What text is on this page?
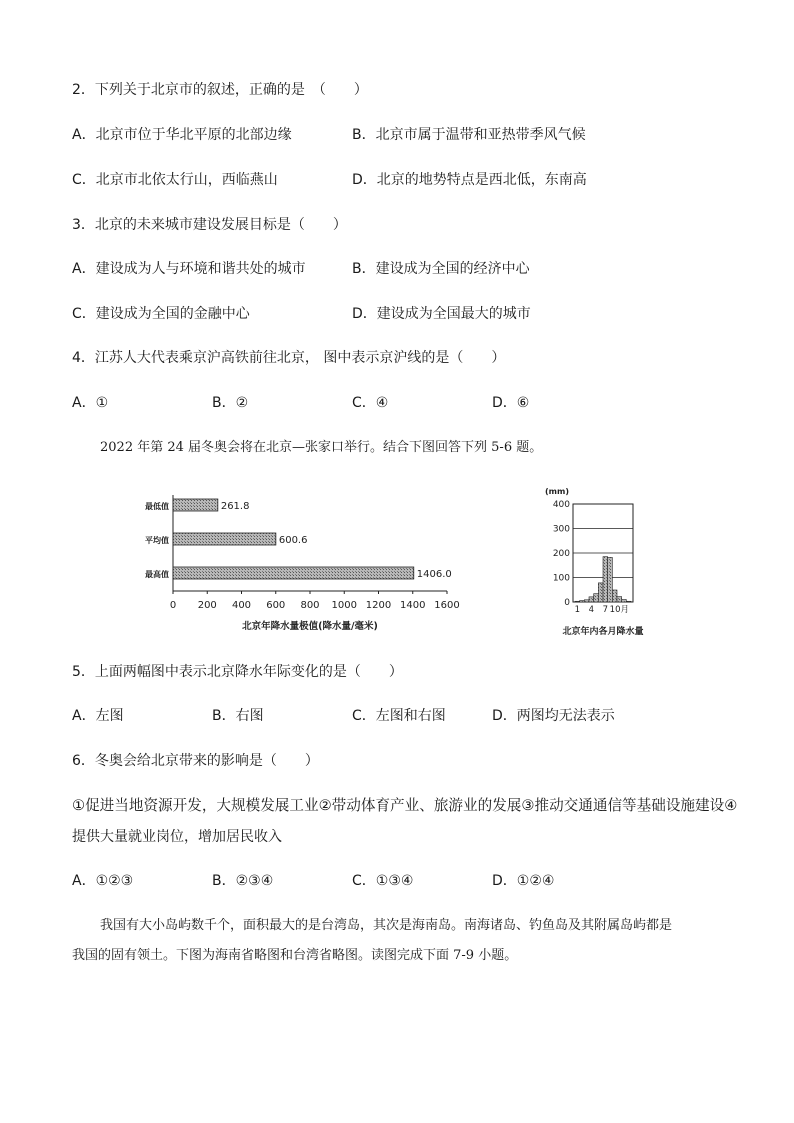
2．下列关于北京市的叙述，正确的是　（　　）
A．北京市位于华北平原的北部边缘	B．北京市属于温带和亚热带季风气候
C．北京市北依太行山，西临燕山	D．北京的地势特点是西北低，东南高
3．北京的未来城市建设发展目标是（　　）
A．建设成为人与环境和谐共处的城市	B．建设成为全国的经济中心
C．建设成为全国的金融中心	D．建设成为全国最大的城市
4．江苏人大代表乘京沪高铁前往北京， 图中表示京沪线的是（　　）
A．①	B．②	C．④	D．⑥
2022 年第 24 届冬奥会将在北京—张家口举行。结合下图回答下列 5-6 题。
最低值	261.8
平均值	600.6
最高值	1406.0
0 200 400 600 800 1000 1200 1400 1600
北京年降水量极值(降水量/毫米)
(mm)
400
300
200
100
0
1 4 7 10月
北京年内各月降水量
5．上面两幅图中表示北京降水年际变化的是（　　）
A．左图	B．右图	C．左图和右图	D．两图均无法表示
6．冬奥会给北京带来的影响是（　　）
①促进当地资源开发，大规模发展工业②带动体育产业、旅游业的发展③推动交通通信等基础设施建设④
提供大量就业岗位，增加居民收入
A．①②③	B．②③④	C．①③④	D．①②④
我国有大小岛屿数千个，面积最大的是台湾岛，其次是海南岛。南海诸岛、钓鱼岛及其附属岛屿都是
我国的固有领土。下图为海南省略图和台湾省略图。读图完成下面 7-9 小题。
